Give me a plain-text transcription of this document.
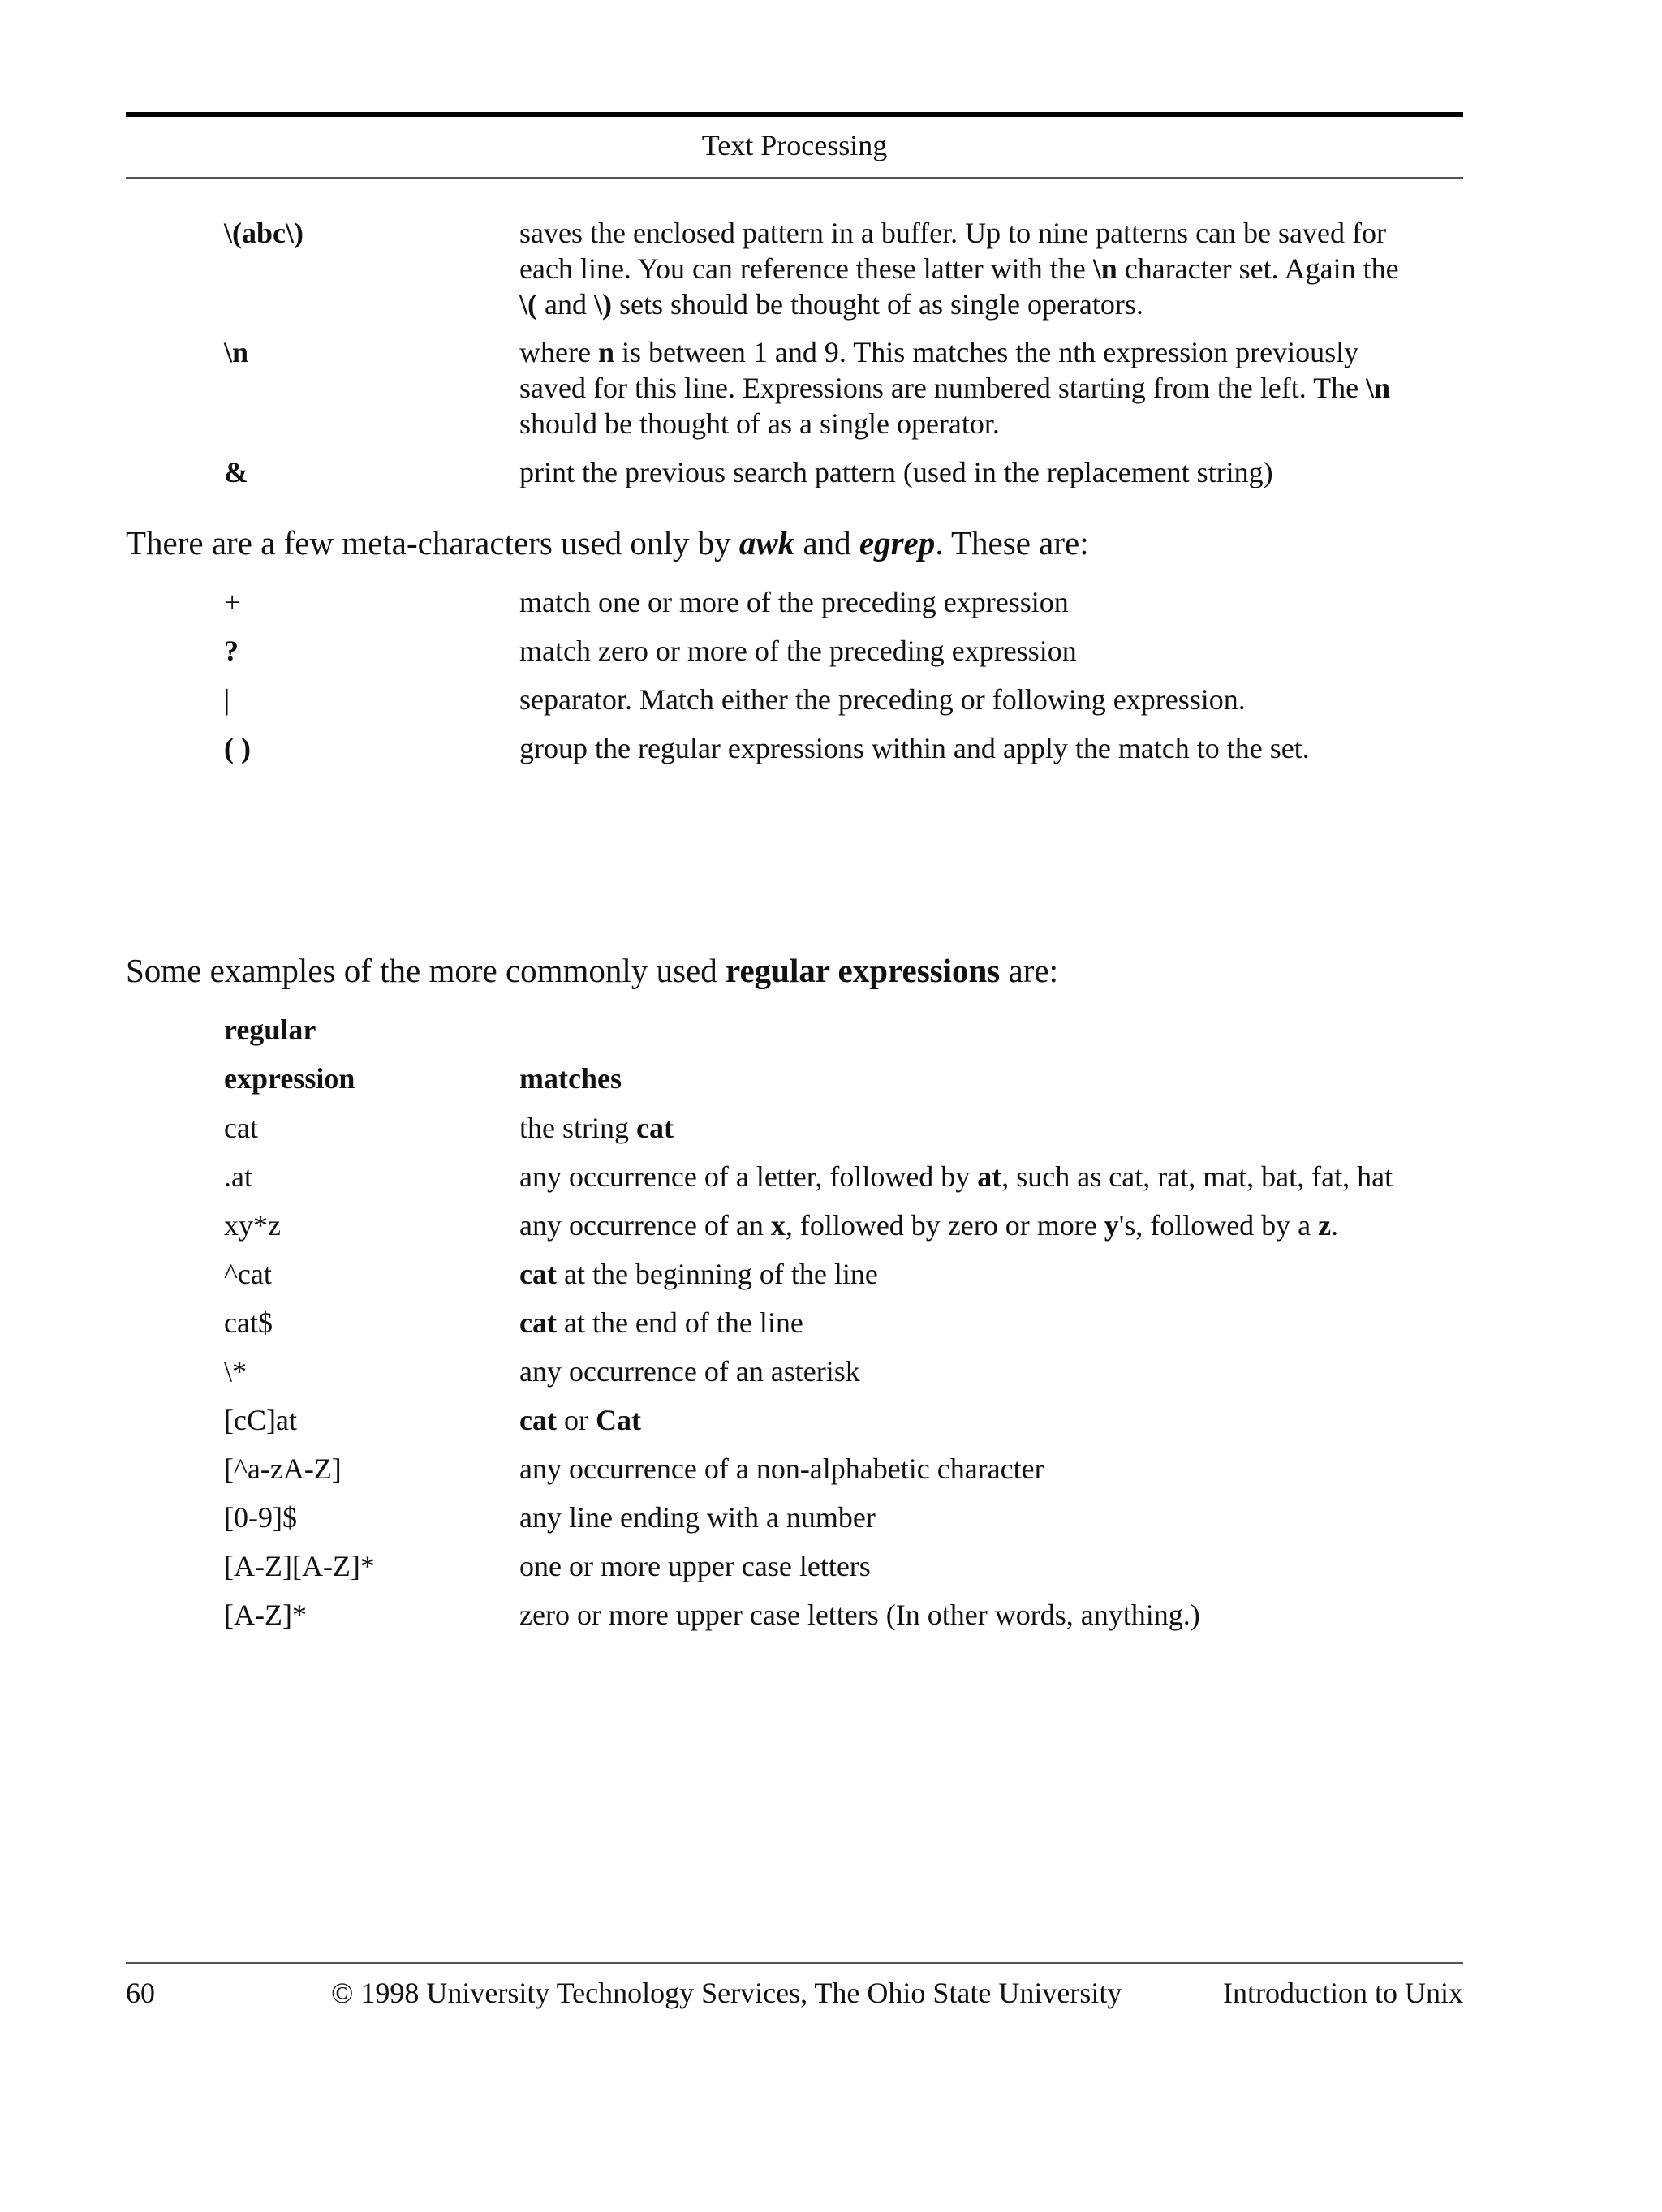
Text Processing
\(abc\)	saves the enclosed pattern in a buffer. Up to nine patterns can be saved for
each line. You can reference these latter with the \n character set. Again the
\( and \) sets should be thought of as single operators.
\n	where n is between 1 and 9. This matches the nth expression previously
saved for this line. Expressions are numbered starting from the left. The \n
should be thought of as a single operator.
&	print the previous search pattern (used in the replacement string)
There are a few meta-characters used only by awk and egrep. These are:
+	match one or more of the preceding expression
?	match zero or more of the preceding expression
|	separator. Match either the preceding or following expression.
( )	group the regular expressions within and apply the match to the set.
Some examples of the more commonly used regular expressions are:
regular
expression	matches
cat	the string cat
.at	any occurrence of a letter, followed by at, such as cat, rat, mat, bat, fat, hat
xy*z	any occurrence of an x, followed by zero or more y's, followed by a z.
^cat	cat at the beginning of the line
cat$	cat at the end of the line
\*	any occurrence of an asterisk
[cC]at	cat or Cat
[^a-zA-Z]	any occurrence of a non-alphabetic character
[0-9]$	any line ending with a number
[A-Z][A-Z]*	one or more upper case letters
[A-Z]*	zero or more upper case letters (In other words, anything.)
60	© 1998 University Technology Services, The Ohio State University	Introduction to Unix
